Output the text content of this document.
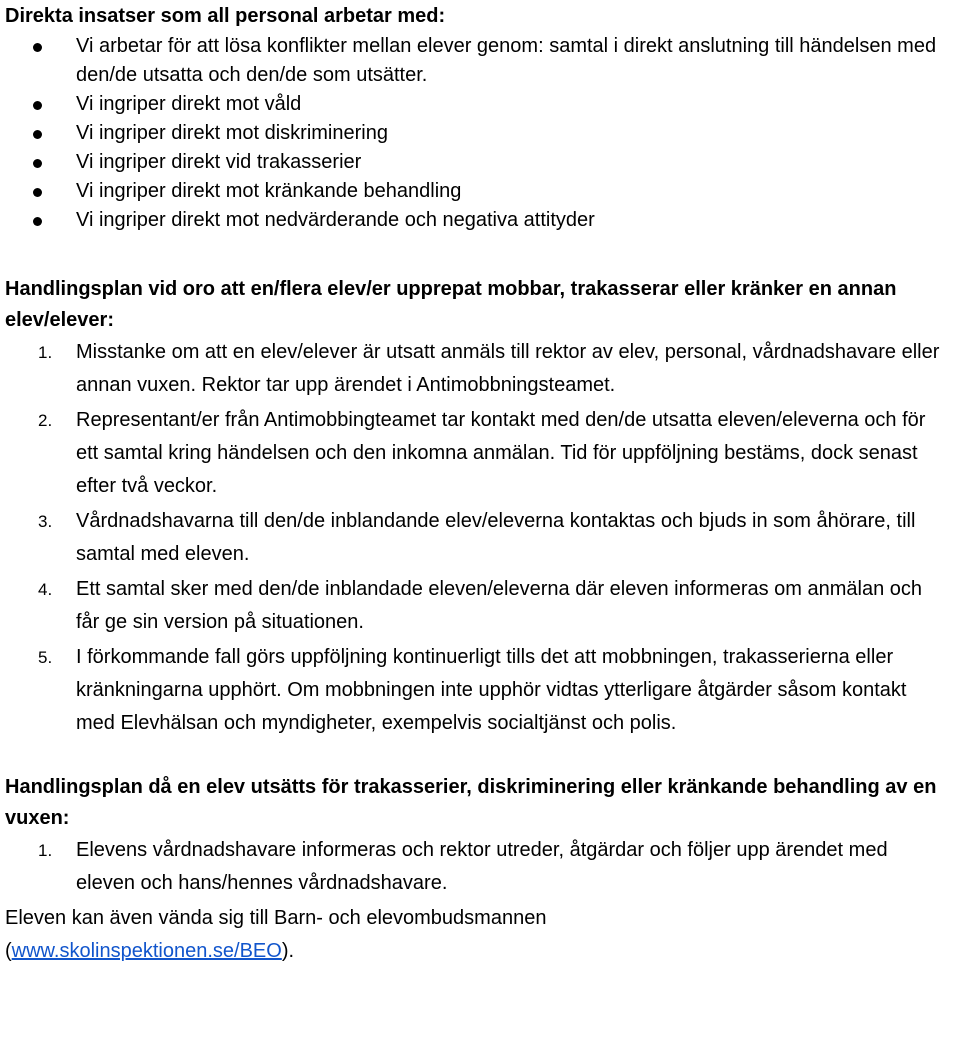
Direkta insatser som all personal arbetar med:

Vi arbetar för att lösa konflikter mellan elever genom: samtal i direkt anslutning till händelsen med den/de utsatta och den/de som utsätter.
Vi ingriper direkt mot våld
Vi ingriper direkt mot diskriminering
Vi ingriper direkt vid trakasserier
Vi ingriper direkt mot kränkande behandling
Vi ingriper direkt mot nedvärderande och negativa attityder

Handlingsplan vid oro att en/flera elev/er upprepat mobbar, trakasserar eller kränker en annan elev/elever:

1. Misstanke om att en elev/elever är utsatt anmäls till rektor av elev, personal, vårdnadshavare eller annan vuxen. Rektor tar upp ärendet i Antimobbningsteamet.
2. Representant/er från Antimobbingteamet tar kontakt med den/de utsatta eleven/eleverna och för ett samtal kring händelsen och den inkomna anmälan. Tid för uppföljning bestäms, dock senast efter två veckor.
3. Vårdnadshavarna till den/de inblandande elev/eleverna kontaktas och bjuds in som åhörare, till samtal med eleven.
4. Ett samtal sker med den/de inblandade eleven/eleverna där eleven informeras om anmälan och får ge sin version på situationen.
5. I förkommande fall görs uppföljning kontinuerligt tills det att mobbningen, trakasserierna eller kränkningarna upphört. Om mobbningen inte upphör vidtas ytterligare åtgärder såsom kontakt med Elevhälsan och myndigheter, exempelvis socialtjänst och polis.

Handlingsplan då en elev utsätts för trakasserier, diskriminering eller kränkande behandling av en vuxen:

1. Elevens vårdnadshavare informeras och rektor utreder, åtgärdar och följer upp ärendet med eleven och hans/hennes vårdnadshavare.

Eleven kan även vända sig till Barn- och elevombudsmannen
(www.skolinspektionen.se/BEO).
